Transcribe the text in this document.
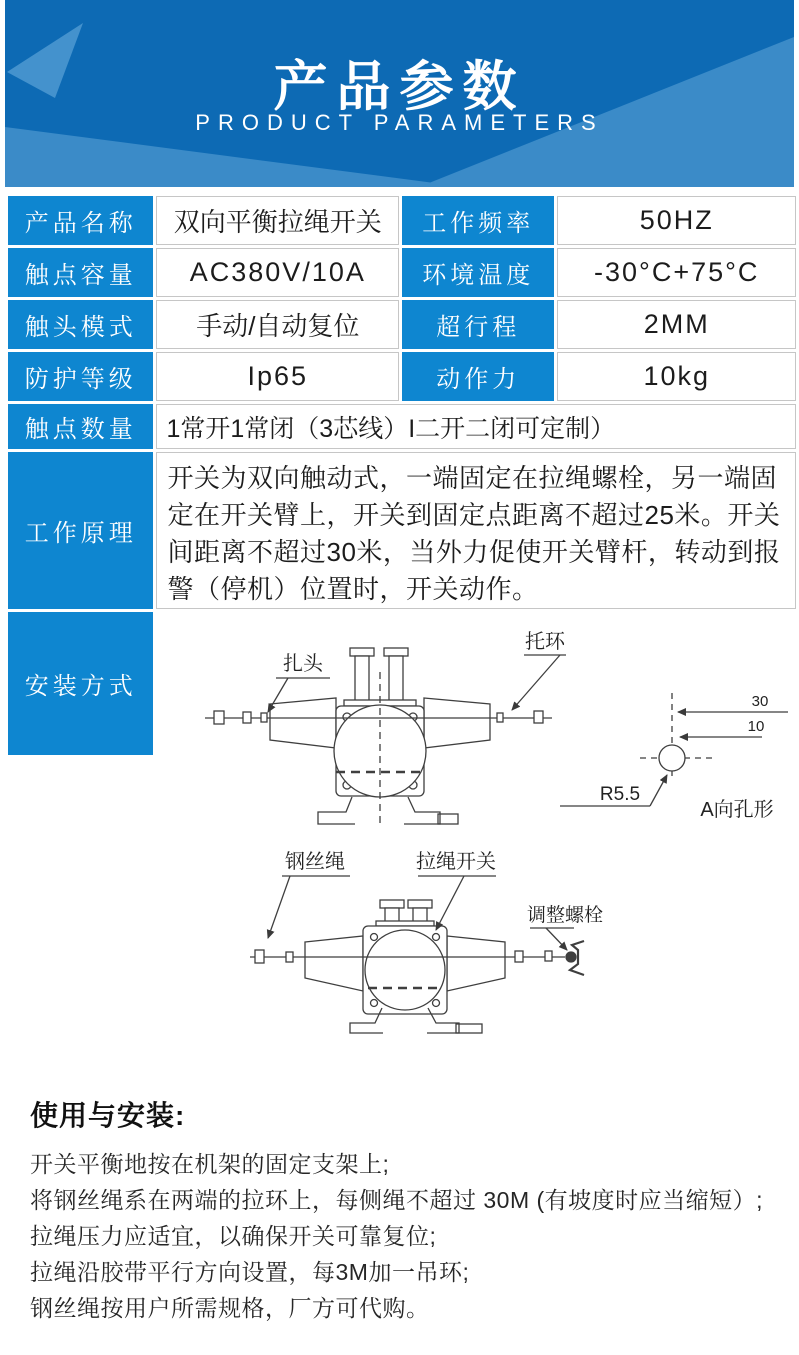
产品参数
PRODUCT PARAMETERS
产品名称	双向平衡拉绳开关	工作频率	50HZ
触点容量	AC380V/10A	环境温度	-30°C+75°C
触头模式	手动/自动复位	超行程	2MM
防护等级	Ip65	动作力	10kg
触点数量	1常开1常闭（3芯线）I二开二闭可定制）		
工作原理	开关为双向触动式，一端固定在拉绳螺栓，另一端固定在开关臂上，开关到固定点距离不超过25米。开关间距离不超过30米，当外力促使开关臂杆，转动到报警（停机）位置时，开关动作。		
安装方式			
扎头
托环
30
10
R5.5
A向孔形
钢丝绳	拉绳开关
调整螺栓
使用与安装:

开关平衡地按在机架的固定支架上;

将钢丝绳系在两端的拉环上，每侧绳不超过 30M (有坡度时应当缩短）;

拉绳压力应适宜，以确保开关可靠复位;

拉绳沿胶带平行方向设置，每3M加一吊环;

钢丝绳按用户所需规格，厂方可代购。
